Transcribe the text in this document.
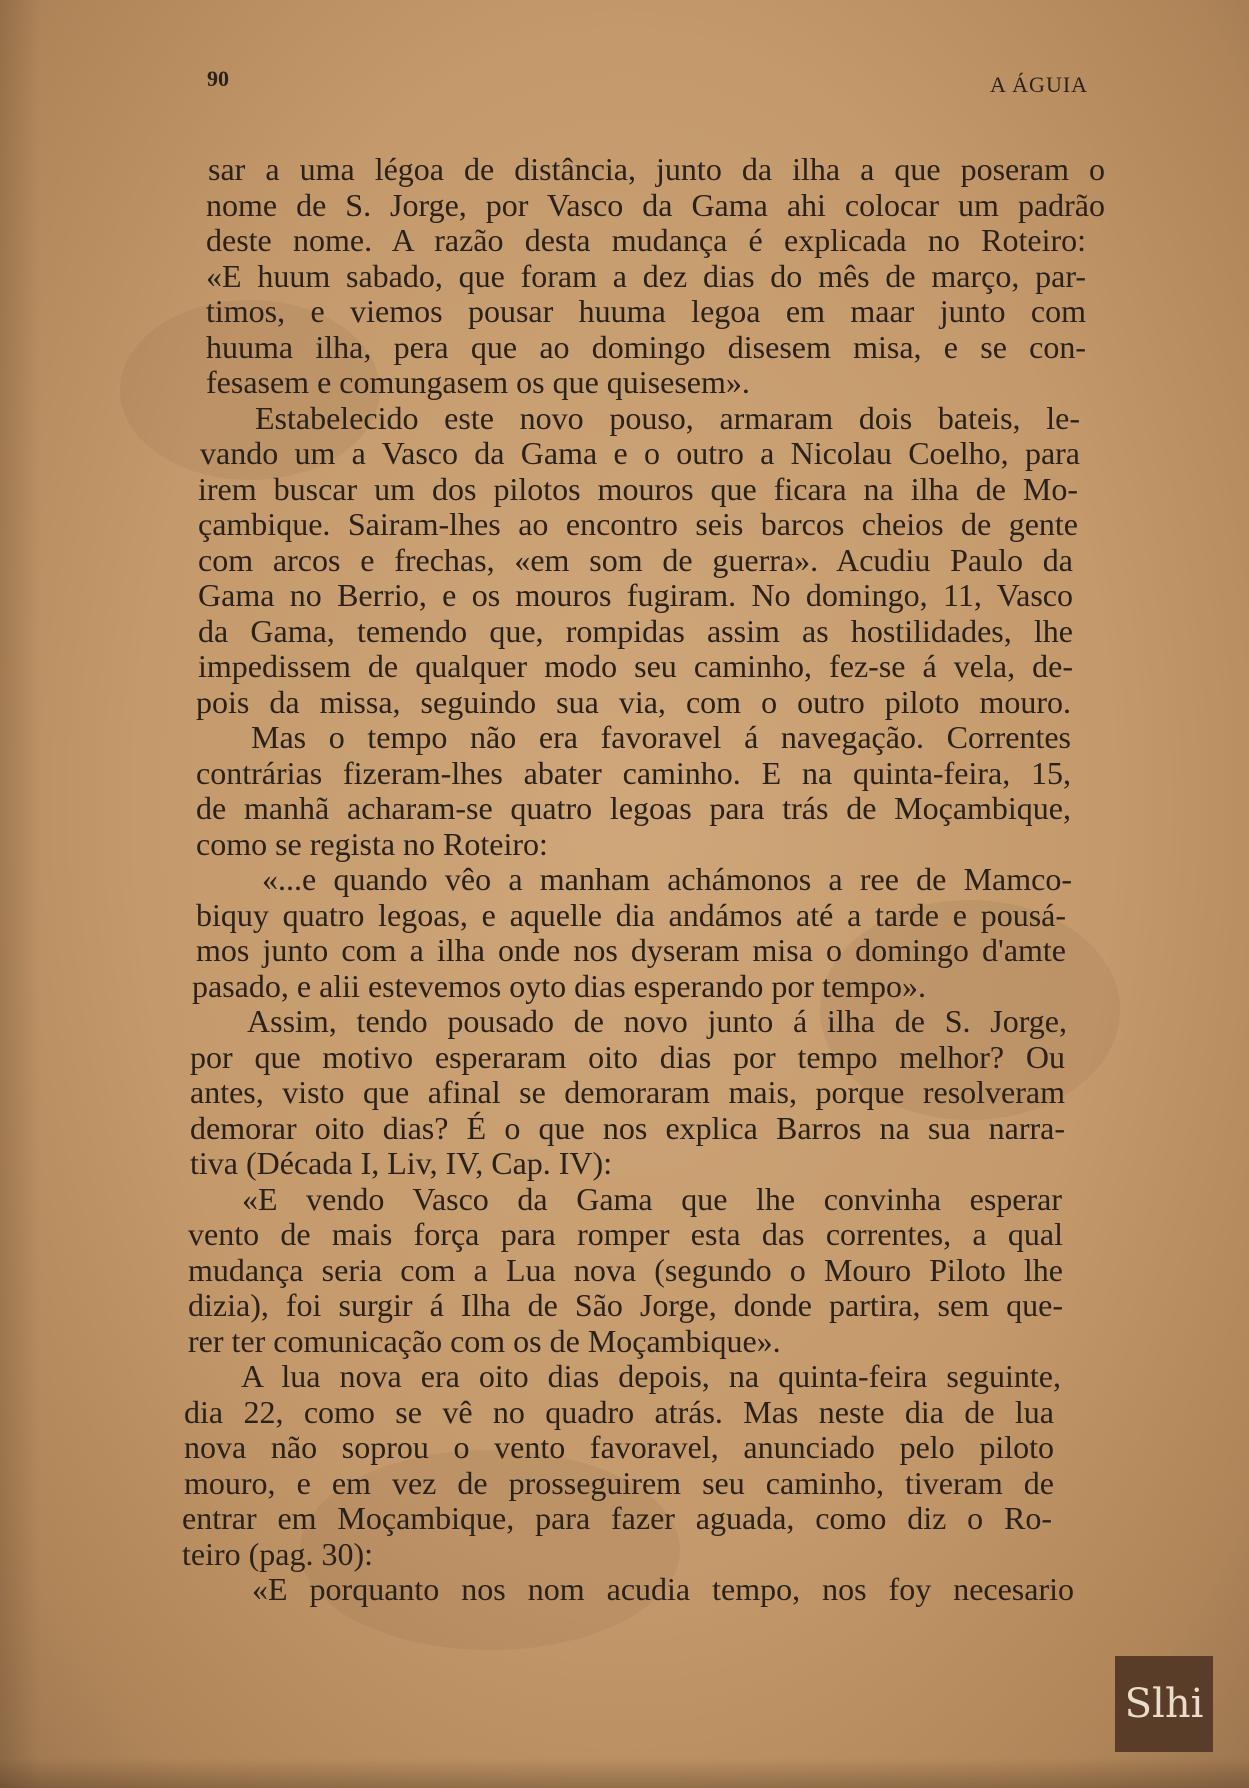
90	A ÁGUIA
sar a uma légoa de distância, junto da ilha a que poseram o
nome de S. Jorge, por Vasco da Gama ahi colocar um padrão
deste nome. A razão desta mudança é explicada no Roteiro:
«E huum sabado, que foram a dez dias do mês de março, par-
timos, e viemos pousar huuma legoa em maar junto com
huuma ilha, pera que ao domingo disesem misa, e se con-
fesasem e comungasem os que quisesem».
Estabelecido este novo pouso, armaram dois bateis, le-
vando um a Vasco da Gama e o outro a Nicolau Coelho, para
irem buscar um dos pilotos mouros que ficara na ilha de Mo-
çambique. Sairam-lhes ao encontro seis barcos cheios de gente
com arcos e frechas, «em som de guerra». Acudiu Paulo da
Gama no Berrio, e os mouros fugiram. No domingo, 11, Vasco
da Gama, temendo que, rompidas assim as hostilidades, lhe
impedissem de qualquer modo seu caminho, fez-se á vela, de-
pois da missa, seguindo sua via, com o outro piloto mouro.
Mas o tempo não era favoravel á navegação. Correntes
contrárias fizeram-lhes abater caminho. E na quinta-feira, 15,
de manhã acharam-se quatro legoas para trás de Moçambique,
como se regista no Roteiro:
«...e quando vêo a manham achámonos a ree de Mamco-
biquy quatro legoas, e aquelle dia andámos até a tarde e pousá-
mos junto com a ilha onde nos dyseram misa o domingo d'amte
pasado, e alii estevemos oyto dias esperando por tempo».
Assim, tendo pousado de novo junto á ilha de S. Jorge,
por que motivo esperaram oito dias por tempo melhor? Ou
antes, visto que afinal se demoraram mais, porque resolveram
demorar oito dias? É o que nos explica Barros na sua narra-
tiva (Década I, Liv, IV, Cap. IV):
«E vendo Vasco da Gama que lhe convinha esperar
vento de mais força para romper esta das correntes, a qual
mudança seria com a Lua nova (segundo o Mouro Piloto lhe
dizia), foi surgir á Ilha de São Jorge, donde partira, sem que-
rer ter comunicação com os de Moçambique».
A lua nova era oito dias depois, na quinta-feira seguinte,
dia 22, como se vê no quadro atrás. Mas neste dia de lua
nova não soprou o vento favoravel, anunciado pelo piloto
mouro, e em vez de prosseguirem seu caminho, tiveram de
entrar em Moçambique, para fazer aguada, como diz o Ro-
teiro (pag. 30):
«E porquanto nos nom acudia tempo, nos foy necesario
Slhi
